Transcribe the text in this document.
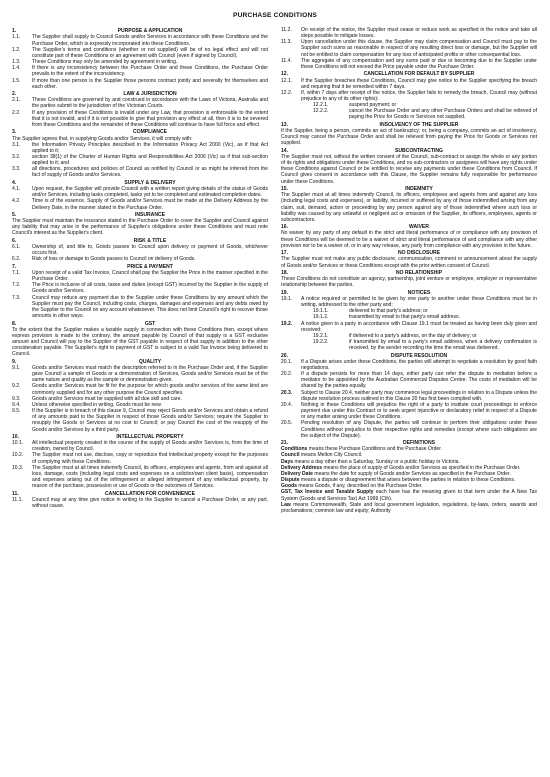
PURCHASE CONDITIONS
1.	PURPOSE & APPLICATION
1.1.	The Supplier shall supply to Council Goods and/or Services in accordance with these Conditions and the Purchase Order, which is expressly incorporated into these Conditions.
1.2.	The Supplier's terms and conditions (whether or not supplied) will be of no legal effect and will not constitute part of these Conditions or an agreement with Council (even if signed by Council).
1.3.	These Conditions may only be amended by agreement in writing.
1.4.	If there is any inconsistency between the Purchase Order and these Conditions, the Purchase Order prevails to the extent of the inconsistency.
1.5.	If more than one person is the Supplier those persons contract jointly and severally for themselves and each other.
2.	LAW & JURISDICTION
2.1.	These Conditions are governed by and construed in accordance with the Laws of Victoria, Australia and the parties submit to the jurisdiction of the Victorian Courts.
2.2.	If any provision of these Conditions is invalid under any Law, that provision is enforceable to the extent that it is not invalid, and if it is not possible to give that provision any effect at all, then it is to be severed from these Conditions and the remainder of these Conditions will continue to have full force and effect.
3.	COMPLIANCE

The Supplier agrees that, in supplying Goods and/or Services, it will comply with:

3.1.	the Information Privacy Principles described in the Information Privacy Act 2000 (Vic), as if that Act applied to it;
3.2.	section 38(1) of the Charter of Human Rights and Responsibilities Act 2006 (Vic) as if that sub-section applied to it; and
3.3.	all directions, procedures and policies of Council as notified by Council or as might be inferred from the fact of supply of Goods and/or Services.
4.	SUPPLY & DELIVERY
4.1.	Upon request, the Supplier will provide Council with a written report giving details of the status of Goods and/or Services, including tasks completed, tasks yet to be completed and estimated completion dates.
4.2.	Time is of the essence. Supply of Goods and/or Services must be made at the Delivery Address by the Delivery Date, in the manner stated in the Purchase Order.
5.	INSURANCE

The Supplier must maintain the insurance stated in the Purchase Order to cover the Supplier and Council against any liability that may arise in the performance of Supplier's obligations under these Conditions and must note Council's interest as the Supplier's client.

6.	RISK & TITLE
6.1.	Ownership of, and title to, Goods passes to Council upon delivery or payment of Goods, whichever occurs first.
6.2.	Risk of loss or damage to Goods passes to Council on delivery of Goods.
7.	PRICE & PAYMENT
7.1.	Upon receipt of a valid Tax Invoice, Council shall pay the Supplier the Price in the manner specified in the Purchase Order.
7.2.	The Price is inclusive of all costs, taxes and duties (except GST) incurred by the Supplier in the supply of Goods and/or Services.
7.3.	Council may reduce any payment due to the Supplier under these Conditions by any amount which the Supplier must pay the Council, including costs, charges, damages and expenses and any debts owed by the Supplier to the Council on any account whatsoever. This does not limit Council's right to recover those amounts in other ways.
8.	GST

To the extent that the Supplier makes a taxable supply in connection with these Conditions then, except where express provision is made to the contrary, the amount payable by Council of that supply is a GST exclusive amount and Council will pay to the Supplier of the GST payable in respect of that supply in addition to the other consideration payable. The Supplier's right to payment of GST is subject to a valid Tax Invoice being delivered to Council.

9.	QUALITY
9.1.	Goods and/or Services must match the description referred to in the Purchase Order and, if the Supplier gave Council a sample of Goods or a demonstration of Services, Goods and/or Services must be of the same nature and quality as the sample or demonstration given.
9.2.	Goods and/or Services must be fit for the purpose for which goods and/or services of the same kind are commonly supplied and for any other purpose the Council specifies.
9.3.	Goods and/or Services must be supplied with all due skill and care.
9.4.	Unless otherwise specified in writing, Goods must be new.
9.5.	If the Supplier is in breach of this clause 9, Council may reject Goods and/or Services and obtain a refund of any amounts paid to the Supplier in respect of those Goods and/or Services; require the Supplier to resupply the Goods or Services at no cost to Council; or pay Council the cost of the resupply of the Goods and/or Services by a third party.
10.	INTELLECTUAL PROPERTY
10.1.	All intellectual property created in the course of the supply of Goods and/or Services is, from the time of creation, owned by Council.
10.2.	The Supplier must not use, disclose, copy or reproduce that intellectual property except for the purposes of complying with these Conditions.
10.3.	The Supplier must at all times indemnify Council, its officers, employees and agents, from and against all loss, damage, costs (including legal costs and expenses on a solicitor/own client basis), compensation and expenses arising out of the infringement or alleged infringement of any intellectual property, by reason of the purchase, possession or use of Goods or the outcomes of Services.
11.	CANCELLATION FOR CONVENIENCE
11.1.	Council may at any time give notice in writing to the Supplier to cancel a Purchase Order, or any part, without cause.
11.2.	On receipt of the notice, the Supplier must cease or reduce work as specified in the notice and take all steps possible to mitigate losses.
11.3.	Upon cancellation under this clause, the Supplier may claim compensation and Council must pay to the Supplier such sums as reasonable in respect of any resulting direct loss or damage, but the Supplier will not be entitled to claim compensation for any loss of anticipated profits or other consequential loss.
11.4.	The aggregate of any compensation and any sums paid or due or becoming due to the Supplier under these Conditions will not exceed the Price payable under the Purchase Order.
12.	CANCELLATION FOR DEFAULT BY SUPPLIER
12.1.	If the Supplier breaches these Conditions, Council may give notice to the Supplier specifying the breach and requiring that it be remedied within 7 days.
12.2.	If, within 7 days after receipt of the notice, the Supplier fails to remedy the breach, Council may (without prejudice to any of its other rights):
12.2.1.	suspend payment; or
12.2.2.	cancel the Purchase Order and any other Purchase Orders and shall be relieved of paying the Price for Goods or Services not supplied.
13.	INSOLVENCY OF THE SUPPLIER

If the Supplier, being a person, commits an act of bankruptcy; or, being a company, commits an act of insolvency, Council may cancel the Purchase Order and shall be relieved from paying the Price for Goods or Services not supplied.

14.	SUBCONTRACTING

The Supplier must not, without the written consent of the Council, sub-contract or assign the whole or any portion of its rights and obligations under these Conditions, and no sub-contractors or assignees will have any rights under these Conditions against Council or be entitled to receive any payments under these Conditions from Council. If Council gives consent in accordance with this Clause, the Supplier remains fully responsible for performance under these Conditions.

15.	INDEMNITY

The Supplier must at all times indemnify Council, its officers, employees and agents from and against any loss (including legal costs and expenses), or liability, incurred or suffered by any of those indemnified arising from any claim, suit, demand, action or proceeding by any person against any of those indemnified where such loss or liability was caused by any unlawful or negligent act or omission of the Supplier, its officers, employees, agents or subcontractors.

16.	WAIVER

No waiver by any party of any default in the strict and literal performance of or compliance with any provision of these Conditions will be deemed to be a waiver of strict and literal performance of and compliance with any other provision nor to be a waiver of, or in any way release, any party from compliance with any provision in the future.

17.	NO DISCLOSURE

The Supplier must not make any public disclosure, communication, comment or announcement about the supply of Goods and/or Services or these Conditions except with the prior written consent of Council.

18.	NO RELATIONSHIP

These Conditions do not constitute an agency, partnership, joint venture or employee, employer or representative relationship between the parties.

19.	NOTICES
19.1.	A notice required or permitted to be given by one party to another under these Conditions must be in writing, addressed to the other party and:
19.1.1.	delivered to that party's address; or
19.1.2.	transmitted by email to that party's email address.
19.2.	A notice given to a party in accordance with Clause 19.1 must be treated as having been duly given and received:
19.2.1.	if delivered to a party's address, on the day of delivery; or
19.2.2.	if transmitted by email to a party's email address, when a delivery confirmation is received, by the sender recording the time the email was delivered.
20.	DISPUTE RESOLUTION
20.1.	If a Dispute arises under these Conditions, the parties will attempt to negotiate a resolution by good faith negotiations.
20.2.	If a dispute persists for more than 14 days, either party can refer the dispute to mediation before a mediator to be appointed by the Australian Commercial Disputes Centre. The costs of mediation will be shared by the parties equally.
20.3.	Subject to Clause 20.4, neither party may commence legal proceedings in relation to a Dispute unless the dispute resolution process outlined in this Clause 20 has first been complied with.
20.4.	Nothing in these Conditions will prejudice the right of a party to institute court proceedings to enforce payment due under this Contract or to seek urgent injunctive or declaratory relief in respect of a Dispute or any matter arising under these Conditions.
20.5.	Pending resolution of any Dispute, the parties will continue to perform their obligations under these Conditions without prejudice to their respective rights and remedies (except where such obligations are the subject of the Dispute).
21.	DEFINITIONS
Conditions means these Purchase Conditions and the Purchase Order.
Council means Melton City Council.
Days means a day other than a Saturday, Sunday or a public holiday in Victoria.
Delivery Address means the place of supply of Goods and/or Services as specified in the Purchase Order.
Delivery Date means the date for supply of Goods and/or Services as specified in the Purchase Order.
Dispute means a dispute or disagreement that arises between the parties in relation to these Conditions.
Goods means Goods, if any, described on the Purchase Order.
GST, Tax Invoice and Taxable Supply each have has the meaning given to that term under the A New Tax System (Goods and Services Tax) Act 1999 (Cth).
Law means Commonwealth, State and local government legislation, regulations, by-laws, orders, awards and proclamations; common law and equity; Authority
